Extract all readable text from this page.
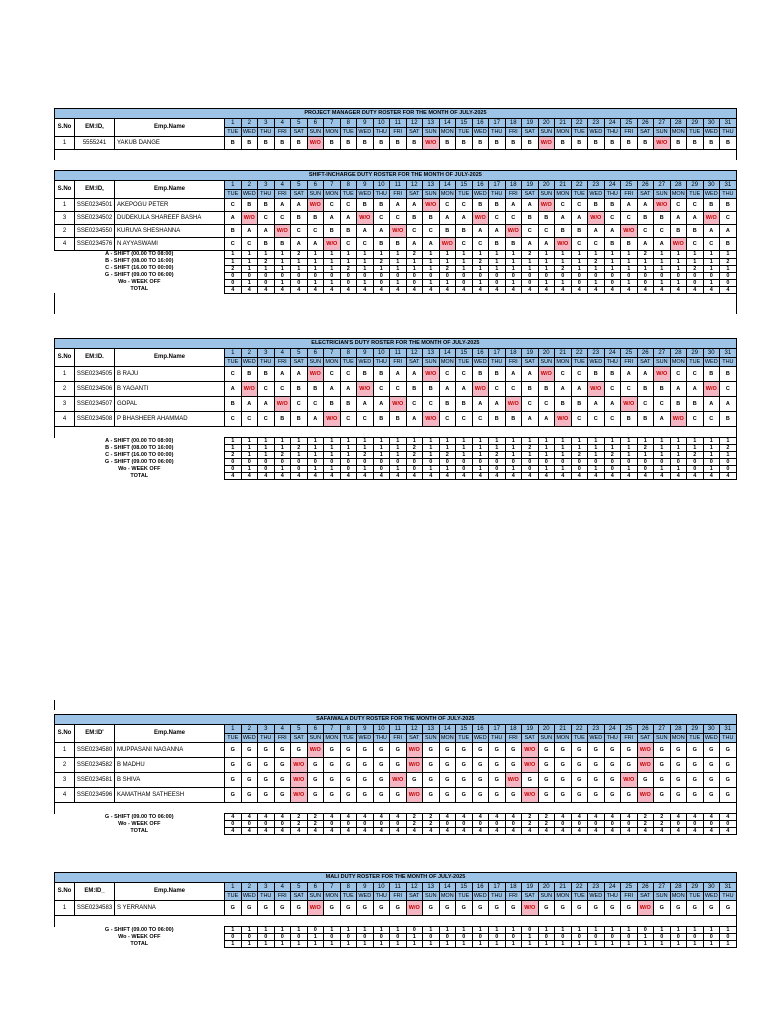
PROJECT MANAGER DUTY ROSTER FOR THE MONTH OF JULY-2025																																	
S.No	EM:ID,	Emp.Name	1	2	3	4	5	6	7	8	9	10	11	12	13	14	15	16	17	18	19	20	21	22	23	24	25	26	27	28	29	30	31
			TUE	WED	THU	FRI	SAT	SUN	MON	TUE	WED	THU	FRI	SAT	SUN	MON	TUE	WED	THU	FRI	SAT	SUN	MON	TUE	WED	THU	FRI	SAT	SUN	MON	TUE	WED	THU
1	5555241	YAKUB DANGE	B	B	B	B	B	W/O	B	B	B	B	B	B	W/O	B	B	B	B	B	B	W/O	B	B	B	B	B	B	W/O	B	B	B	B

SHIFT-INCHARGE DUTY ROSTER FOR THE MONTH OF JULY-2025																																	
S.No	EM:ID,	Emp.Name	1	2	3	4	5	6	7	8	9	10	11	12	13	14	15	16	17	18	19	20	21	22	23	24	25	26	27	28	29	30	31
			TUE	WED	THU	FRI	SAT	SUN	MON	TUE	WED	THU	FRI	SAT	SUN	MON	TUE	WED	THU	FRI	SAT	SUN	MON	TUE	WED	THU	FRI	SAT	SUN	MON	TUE	WED	THU
1	SSE0234501	AKEPOGU PETER	C	B	B	A	A	W/O	C	C	B	B	A	A	W/O	C	C	B	B	A	A	W/O	C	C	B	B	A	A	W/O	C	C	B	B
3	SSE0234502	DUDEKULA SHAREEF BASHA	A	W/O	C	C	B	B	A	A	W/O	C	C	B	B	A	A	W/O	C	C	B	B	A	A	W/O	C	C	B	B	A	A	W/O	C
2	SSE0234550	KURUVA SHESHANNA	B	A	A	W/O	C	C	B	B	A	A	W/O	C	C	B	B	A	A	W/O	C	C	B	B	A	A	W/O	C	C	B	B	A	A
4	SSE0234576	N AYYASWAMI	C	C	B	B	A	A	W/O	C	C	B	B	A	A	W/O	C	C	B	B	A	A	W/O	C	C	B	B	A	A	W/O	C	C	B
A - SHIFT (00.00 TO 08:00)			1	1	1	1	2	1	1	1	1	1	1	2	1	1	1	1	1	1	2	1	1	1	1	1	1	2	1	1	1	1	1
B - SHIFT (08.00 TO 16:00)			1	1	2	1	1	1	1	1	1	2	1	1	1	1	1	2	1	1	1	1	1	1	2	1	1	1	1	1	1	1	2
C - SHIFT (16.00 TO 00:00)			2	1	1	1	1	1	1	2	1	1	1	1	1	2	1	1	1	1	1	1	2	1	1	1	1	1	1	1	2	1	1
G - SHIFT (09.00 TO 06:00)			0	0	0	0	0	0	0	0	0	0	0	0	0	0	0	0	0	0	0	0	0	0	0	0	0	0	0	0	0	0	0
Wo - WEEK OFF			0	1	0	1	0	1	1	0	1	0	1	0	1	1	0	1	0	1	0	1	1	0	1	0	1	0	1	1	0	1	0
TOTAL			4	4	4	4	4	4	4	4	4	4	4	4	4	4	4	4	4	4	4	4	4	4	4	4	4	4	4	4	4	4	4

ELECTRICIAN'S DUTY ROSTER FOR THE MONTH OF JULY-2025																																	
S.No	EM:ID.	Emp.Name	1	2	3	4	5	6	7	8	9	10	11	12	13	14	15	16	17	18	19	20	21	22	23	24	25	26	27	28	29	30	31
			TUE	WED	THU	FRI	SAT	SUN	MON	TUE	WED	THU	FRI	SAT	SUN	MON	TUE	WED	THU	FRI	SAT	SUN	MON	TUE	WED	THU	FRI	SAT	SUN	MON	TUE	WED	THU
1	SSE0234505	B RAJU	C	B	B	A	A	W/O	C	C	B	B	A	A	W/O	C	C	B	B	A	A	W/O	C	C	B	B	A	A	W/O	C	C	B	B
2	SSE0234506	B YAGANTI	A	W/O	C	C	B	B	A	A	W/O	C	C	B	B	A	A	W/O	C	C	B	B	A	A	W/O	C	C	B	B	A	A	W/O	C
3	SSE0234507	GOPAL	B	A	A	W/O	C	C	B	B	A	A	W/O	C	C	B	B	A	A	W/O	C	C	B	B	A	A	W/O	C	C	B	B	A	A
4	SSE0234508	P BHASHEER AHAMMAD	C	C	C	B	B	A	W/O	C	C	B	B	A	W/O	C	C	C	B	B	A	A	W/O	C	C	C	B	B	A	W/O	C	C	B

A - SHIFT (00.00 TO 08:00)			1	1	1	1	1	1	1	1	1	1	1	1	1	1	1	1	1	1	1	1	1	1	1	1	1	1	1	1	1	1	1
B - SHIFT (08.00 TO 16:00)			1	1	1	1	2	1	1	1	1	1	1	2	1	1	1	1	1	1	2	1	1	1	1	1	1	2	1	1	1	1	2
C - SHIFT (16.00 TO 00:00)			2	1	1	2	1	1	1	1	2	1	1	2	1	2	1	1	2	1	1	1	1	2	1	2	1	1	1	1	2	1	1
G - SHIFT (09.00 TO 06:00)			0	0	0	0	0	0	0	0	0	0	0	0	0	0	0	0	0	0	0	0	0	0	0	0	0	0	0	0	0	0	0
Wo - WEEK OFF			0	1	0	1	0	1	1	0	1	0	1	0	1	1	0	1	0	1	0	1	1	0	1	0	1	0	1	1	0	1	0
TOTAL			4	4	4	4	4	4	4	4	4	4	4	4	4	4	4	4	4	4	4	4	4	4	4	4	4	4	4	4	4	4	4
SAFAIWALA DUTY ROSTER FOR THE MONTH OF JULY-2025																																	
S.No	EM:ID'	Emp.Name	1	2	3	4	5	6	7	8	9	10	11	12	13	14	15	16	17	18	19	20	21	22	23	24	25	26	27	28	29	30	31
			TUE	WED	THU	FRI	SAT	SUN	MON	TUE	WED	THU	FRI	SAT	SUN	MON	TUE	WED	THU	FRI	SAT	SUN	MON	TUE	WED	THU	FRI	SAT	SUN	MON	TUE	WED	THU
1	SSE0234580	MUPPASANI NAGANNA	G	G	G	G	G	W/O	G	G	G	G	G	W/O	G	G	G	G	G	G	W/O	G	G	G	G	G	G	W/O	G	G	G	G	G
2	SSE0234582	B MADHU	G	G	G	G	W/O	G	G	G	G	G	G	W/O	G	G	G	G	G	G	W/O	G	G	G	G	G	G	W/O	G	G	G	G	G
3	SSE0234581	B SHIVA	G	G	G	G	W/O	G	G	G	G	G	W/O	G	G	G	G	G	G	W/O	G	G	G	G	G	G	W/O	G	G	G	G	G	G
4	SSE0234596	KAMATHAM SATHEESH	G	G	G	G	W/O	G	G	G	G	G	G	W/O	G	G	G	G	G	G	W/O	G	G	G	G	G	G	W/O	G	G	G	G	G

G - SHIFT (09.00 TO 06:00)			4	4	4	4	2	2	4	4	4	4	4	2	2	4	4	4	4	4	2	2	4	4	4	4	4	2	2	4	4	4	4
Wo - WEEK OFF			0	0	0	0	2	2	0	0	0	0	0	2	2	0	0	0	0	0	2	2	0	0	0	0	0	2	2	0	0	0	0
TOTAL			4	4	4	4	4	4	4	4	4	4	4	4	4	4	4	4	4	4	4	4	4	4	4	4	4	4	4	4	4	4	4
MALI DUTY ROSTER FOR THE MONTH OF JULY-2025																																	
S.No	EM:ID_	Emp.Name	1	2	3	4	5	6	7	8	9	10	11	12	13	14	15	16	17	18	19	20	21	22	23	24	25	26	27	28	29	30	31
			TUE	WED	THU	FRI	SAT	SUN	MON	TUE	WED	THU	FRI	SAT	SUN	MON	TUE	WED	THU	FRI	SAT	SUN	MON	TUE	WED	THU	FRI	SAT	SUN	MON	TUE	WED	THU
1	SSE0234583	S YERRANNA	G	G	G	G	G	W/O	G	G	G	G	G	W/O	G	G	G	G	G	G	W/O	G	G	G	G	G	G	W/O	G	G	G	G	G

G - SHIFT (09.00 TO 06:00)			1	1	1	1	1	0	1	1	1	1	1	0	1	1	1	1	1	1	0	1	1	1	1	1	1	0	1	1	1	1	1
Wo - WEEK OFF			0	0	0	0	0	1	0	0	0	0	0	1	0	0	0	0	0	0	1	0	0	0	0	0	0	1	0	0	0	0	0
TOTAL			1	1	1	1	1	1	1	1	1	1	1	1	1	1	1	1	1	1	1	1	1	1	1	1	1	1	1	1	1	1	1
